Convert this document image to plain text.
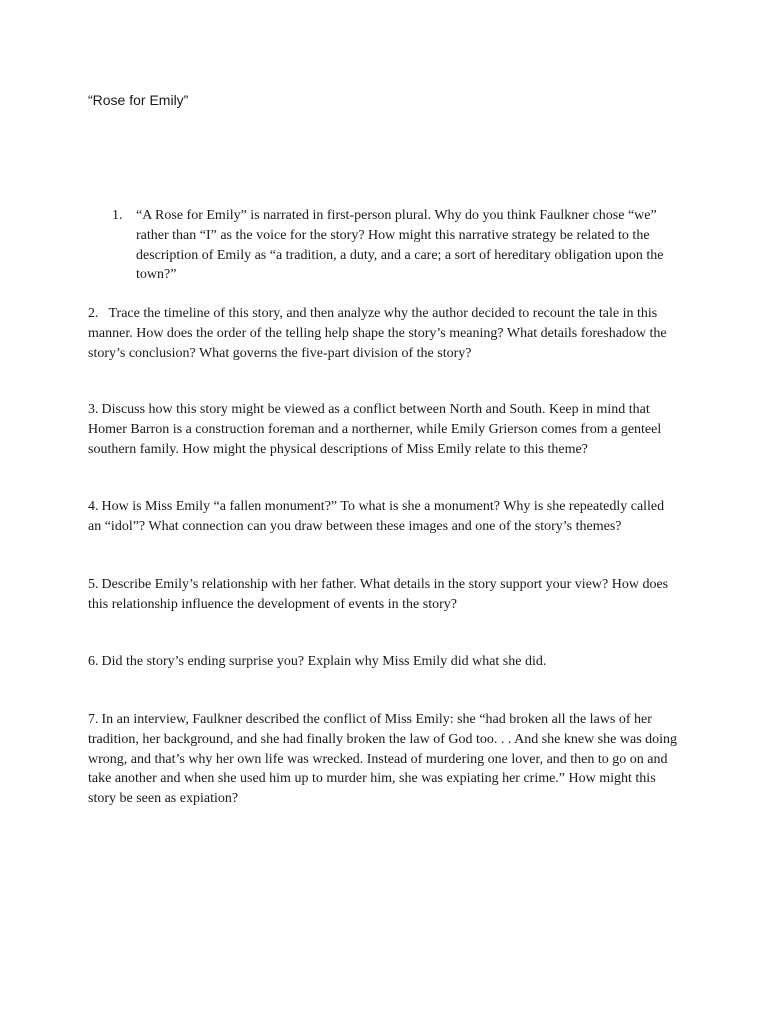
“Rose for Emily”
1. “A Rose for Emily” is narrated in first-person plural. Why do you think Faulkner chose “we” rather than “I” as the voice for the story? How might this narrative strategy be related to the description of Emily as “a tradition, a duty, and a care; a sort of hereditary obligation upon the town?”

2. Trace the timeline of this story, and then analyze why the author decided to recount the tale in this manner. How does the order of the telling help shape the story’s meaning? What details foreshadow the story’s conclusion? What governs the five-part division of the story?

3. Discuss how this story might be viewed as a conflict between North and South. Keep in mind that Homer Barron is a construction foreman and a northerner, while Emily Grierson comes from a genteel southern family. How might the physical descriptions of Miss Emily relate to this theme?

4. How is Miss Emily “a fallen monument?” To what is she a monument? Why is she repeatedly called an “idol”? What connection can you draw between these images and one of the story’s themes?

5. Describe Emily’s relationship with her father. What details in the story support your view? How does this relationship influence the development of events in the story?

6. Did the story’s ending surprise you? Explain why Miss Emily did what she did.

7. In an interview, Faulkner described the conflict of Miss Emily: she “had broken all the laws of her tradition, her background, and she had finally broken the law of God too. . . And she knew she was doing wrong, and that’s why her own life was wrecked. Instead of murdering one lover, and then to go on and take another and when she used him up to murder him, she was expiating her crime.” How might this story be seen as expiation?
